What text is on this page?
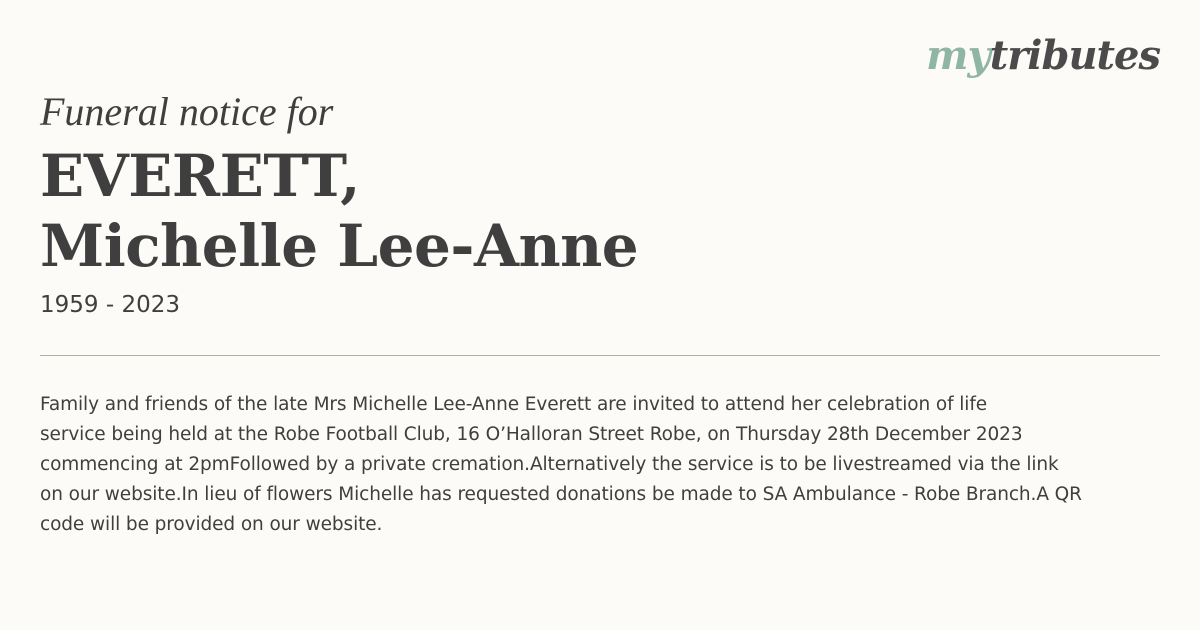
mytributes
Funeral notice for
EVERETT,
Michelle Lee-Anne
1959 - 2023
Family and friends of the late Mrs Michelle Lee-Anne Everett are invited to attend her celebration of life
service being held at the Robe Football Club, 16 O’Halloran Street Robe, on Thursday 28th December 2023
commencing at 2pmFollowed by a private cremation.Alternatively the service is to be livestreamed via the link
on our website.In lieu of flowers Michelle has requested donations be made to SA Ambulance - Robe Branch.A QR
code will be provided on our website.
